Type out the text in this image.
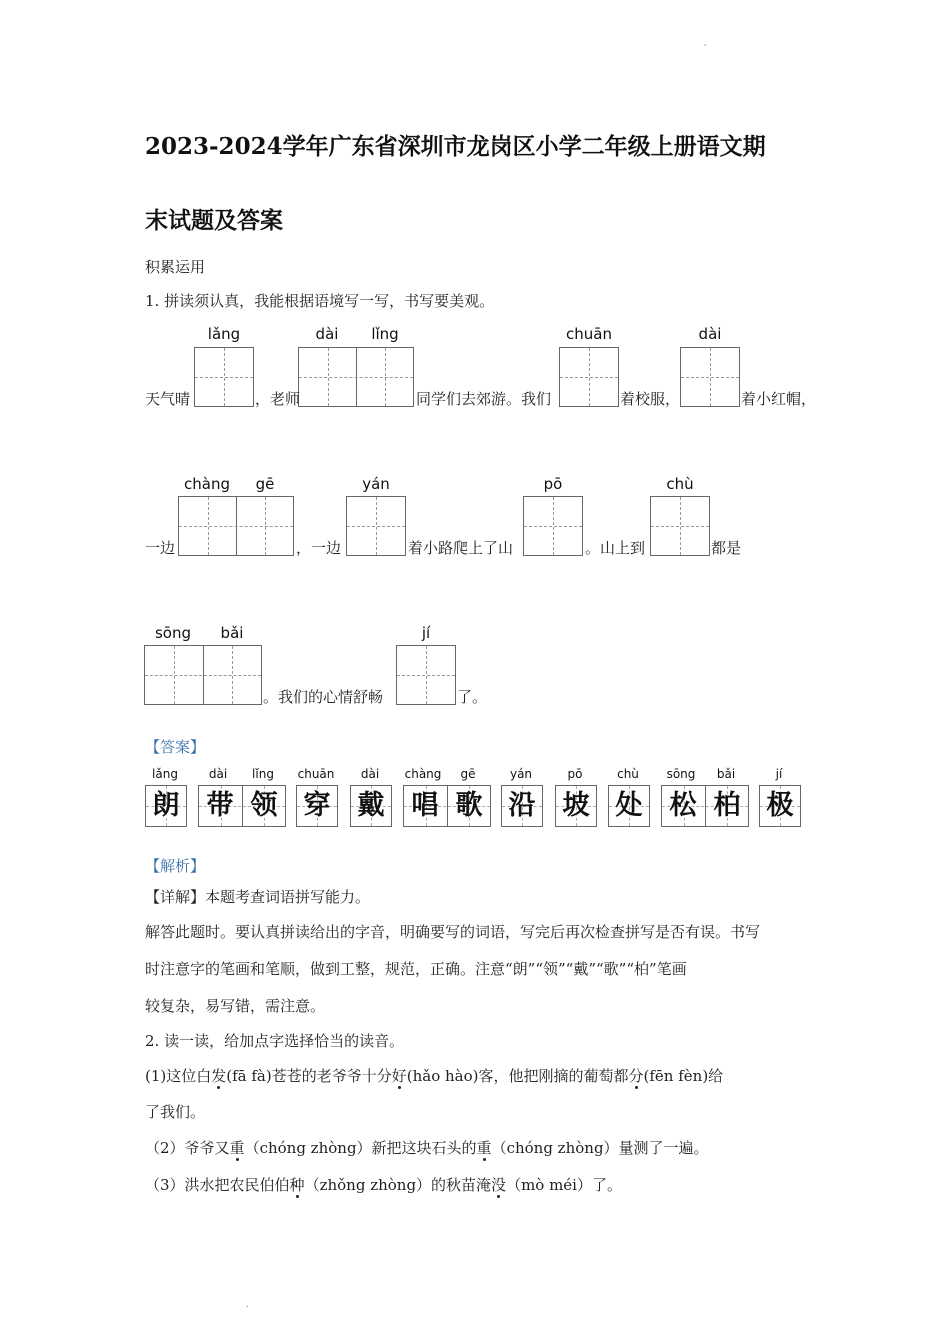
ˌ
2023-2024学年广东省深圳市龙岗区小学二年级上册语文期
末试题及答案
积累运用
1. 拼读须认真，我能根据语境写一写，书写要美观。
lǎng	dài	lǐng	chuān	dài
天气晴	，老师	同学们去郊游。我们	着校服，	着小红帽，
chàng	gē	yán	pō	chù
一边	，一边	着小路爬上了山	。山上到	都是
sōng	bǎi	jí
。我们的心情舒畅	了。
【答案】
lǎng	dài	lǐng	chuān	dài	chàng	gē	yán	pō	chù	sōng	bǎi	jí
朗 带 领 穿 戴 唱 歌 沿 坡 处 松 柏 极
【解析】
【详解】本题考查词语拼写能力。
解答此题时。要认真拼读给出的字音，明确要写的词语，写完后再次检查拼写是否有误。书写
时注意字的笔画和笔顺，做到工整，规范，正确。注意“朗”“领”“戴”“歌”“柏”笔画
较复杂，易写错，需注意。
2. 读一读，给加点字选择恰当的读音。
(1)这位白发(fā fà)苍苍的老爷爷十分好(hǎo hào)客，他把刚摘的葡萄都分(fēn fèn)给
了我们。
（2）爷爷又重（chóng zhòng）新把这块石头的重（chóng zhòng）量测了一遍。
（3）洪水把农民伯伯种（zhǒng zhòng）的秋苗淹没（mò méi）了。
.
